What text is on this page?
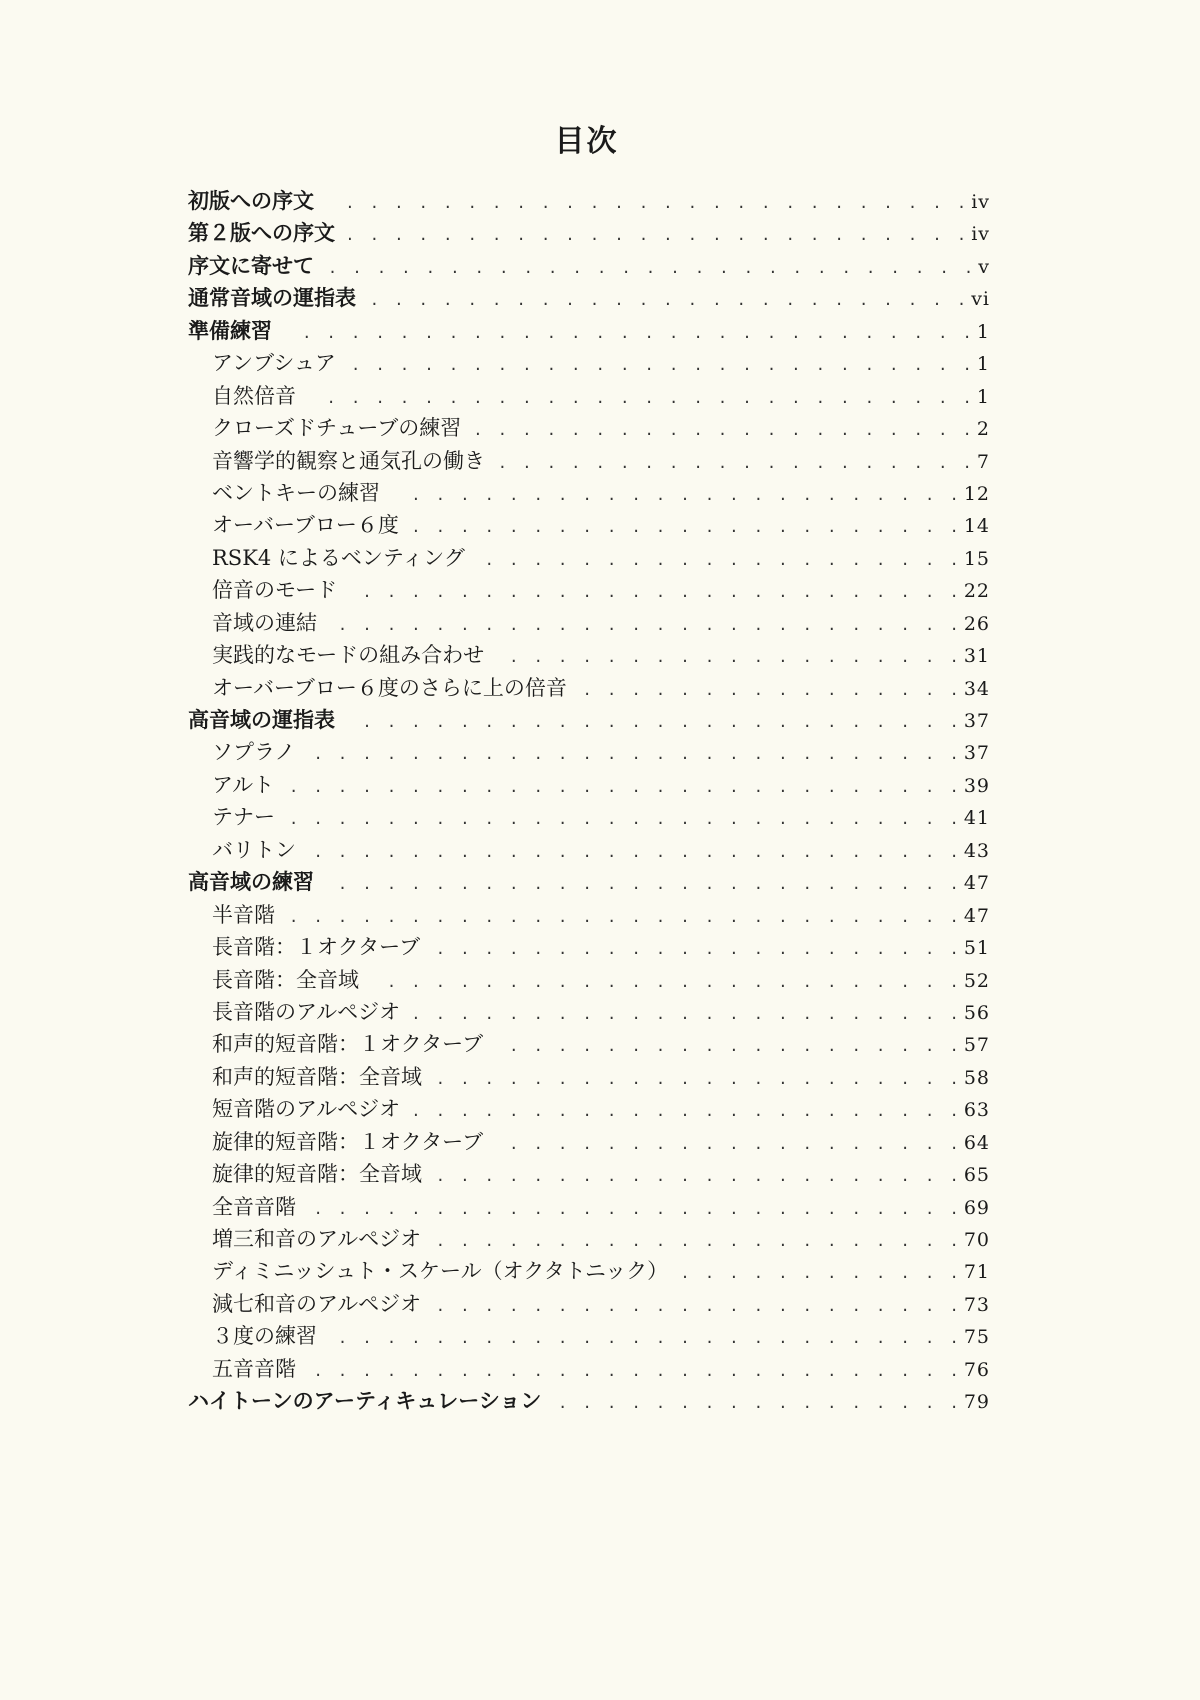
目次
初版への序文 . . .	iv
第２版への序文 . . .	iv
序文に寄せて . . .	v
通常音域の運指表 . . .	vi
準備練習 . . .	1
アンブシュア . . .	1
自然倍音 . . .	1
クローズドチューブの練習 . . .	2
音響学的観察と通気孔の働き . . .	7
ベントキーの練習 . . .	12
オーバーブロー６度 . . .	14
RSK4 によるベンティング . . .	15
倍音のモード . . .	22
音域の連結 . . .	26
実践的なモードの組み合わせ . . .	31
オーバーブロー６度のさらに上の倍音 . . .	34
高音域の運指表 . . .	37
ソプラノ . . .	37
アルト . . .	39
テナー . . .	41
バリトン . . .	43
高音域の練習 . . .	47
半音階 . . .	47
長音階：１オクターブ . . .	51
長音階：全音域 . . .	52
長音階のアルペジオ . . .	56
和声的短音階：１オクターブ . . .	57
和声的短音階：全音域 . . .	58
短音階のアルペジオ . . .	63
旋律的短音階：１オクターブ . . .	64
旋律的短音階：全音域 . . .	65
全音音階 . . .	69
増三和音のアルペジオ . . .	70
ディミニッシュト・スケール（オクタトニック） . . .	71
減七和音のアルペジオ . . .	73
３度の練習 . . .	75
五音音階 . . .	76
ハイトーンのアーティキュレーション . . .	79
